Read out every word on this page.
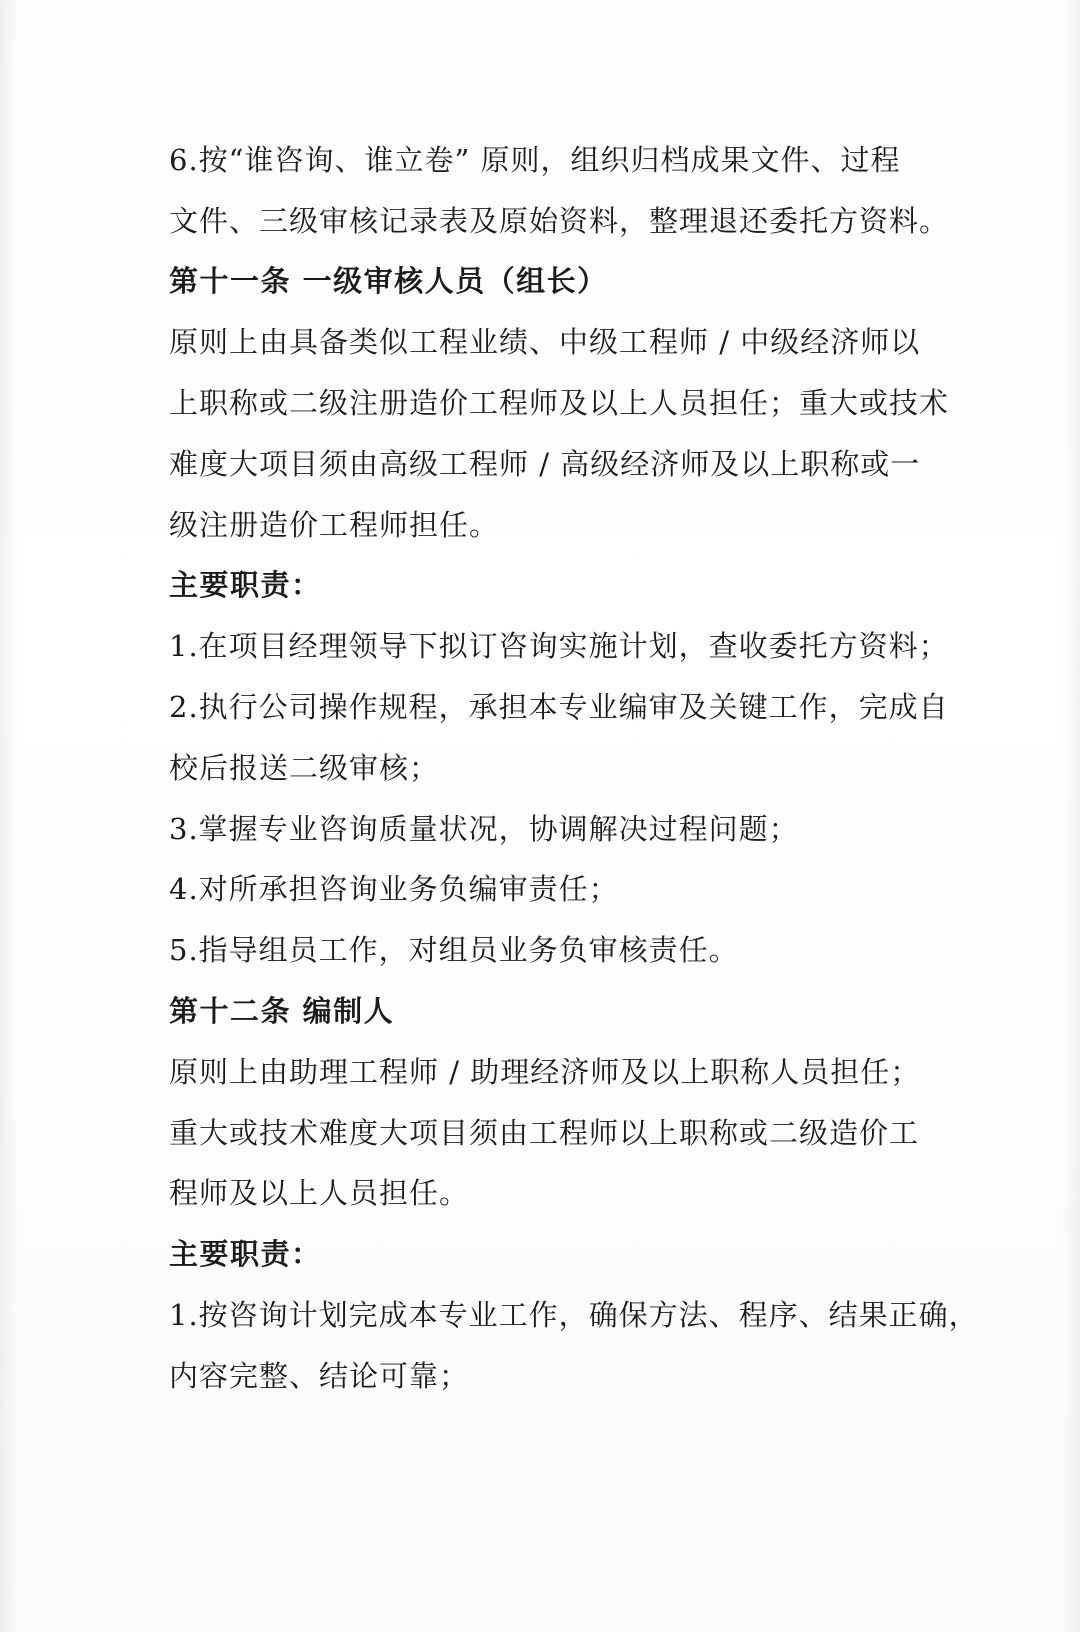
6.按“谁咨询、谁立卷” 原则，组织归档成果文件、过程
文件、三级审核记录表及原始资料，整理退还委托方资料。
第十一条 一级审核人员（组长）
原则上由具备类似工程业绩、中级工程师 / 中级经济师以
上职称或二级注册造价工程师及以上人员担任；重大或技术
难度大项目须由高级工程师 / 高级经济师及以上职称或一
级注册造价工程师担任。
主要职责：
1.在项目经理领导下拟订咨询实施计划，查收委托方资料；
2.执行公司操作规程，承担本专业编审及关键工作，完成自
校后报送二级审核；
3.掌握专业咨询质量状况，协调解决过程问题；
4.对所承担咨询业务负编审责任；
5.指导组员工作，对组员业务负审核责任。
第十二条 编制人
原则上由助理工程师 / 助理经济师及以上职称人员担任；
重大或技术难度大项目须由工程师以上职称或二级造价工
程师及以上人员担任。
主要职责：
1.按咨询计划完成本专业工作，确保方法、程序、结果正确，
内容完整、结论可靠；
